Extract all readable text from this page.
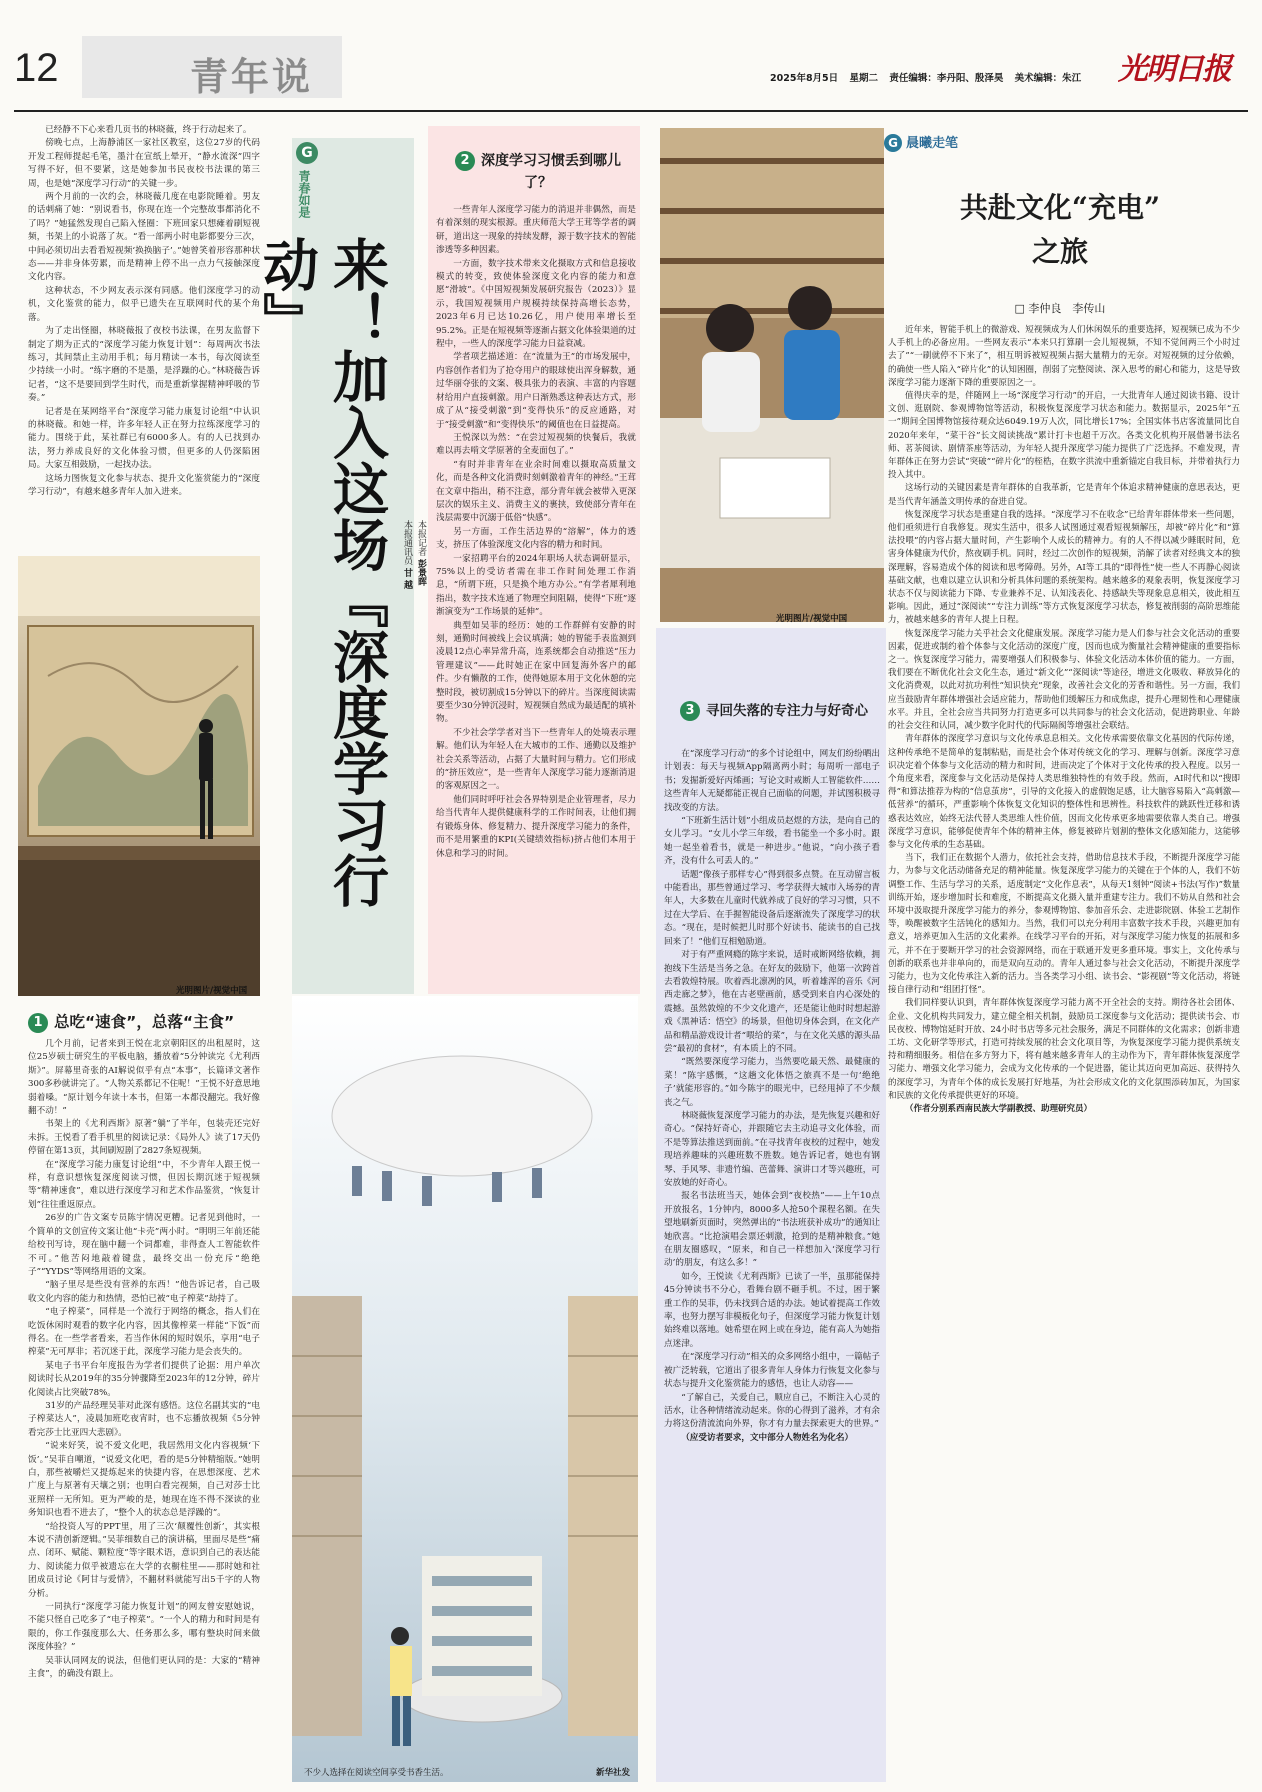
12	青年说	2025年8月5日 星期二 责任编辑：李丹阳、殷泽昊 美术编辑：朱江 光明日报

已经静不下心来看几页书的林晓薇，终于行动起来了。

傍晚七点，上海静浦区一家社区教室，这位27岁的代码开发工程师提起毛笔，墨汁在宣纸上晕开，“静水流深”四字写得不好，但不要紧，这是她参加书民夜校书法课的第三周，也是她“深度学习行动”的关键一步。

两个月前的一次约会，林晓薇几度在电影院睡着。男友的话刺痛了她：“别说看书，你现在连一个完整故事都消化不了吗？”她猛然发现自己陷入怪圈：下班回家只想瘫着刷短视频，书架上的小说落了灰。“看一部两小时电影都要分三次，中间必须切出去看看短视频‘换换脑子’。”她曾笑着形容那种状态——并非身体劳累，而是精神上停不出一点力气接触深度文化内容。

这种状态，不少网友表示深有同感。他们深度学习的动机，文化鉴赏的能力，似乎已遗失在互联网时代的某个角落。

为了走出怪圈，林晓薇报了夜校书法课，在男友监督下制定了期为正式的“深度学习能力恢复计划”：每周两次书法练习，其间禁止主动用手机；每月精读一本书，每次阅读至少持续一小时。“练字磨的不是墨，是浮躁的心。”林晓薇告诉记者，“这不是要回到学生时代，而是重新掌握精神呼吸的节奏。”

记者是在某网络平台“深度学习能力康复讨论组”中认识的林晓薇。和她一样，许多年轻人正在努力拉练深度学习的能力。围绕于此，某社群已有6000多人。有的人已找到办法，努力养成良好的文化体验习惯，但更多的人仍深陷困局。大家互相鼓励，一起找办法。

这场力图恢复文化参与状态、提升文化鉴赏能力的“深度学习行动”，有越来越多青年人加入进来。

光明图片/视觉中国
1 总吃“速食”，总落“主食”

几个月前，记者来到王悦在北京朝阳区的出租屋时，这位25岁硕士研究生的平板电脑，播放着“5分钟读完《尤利西斯》”。屏幕里奇张的AI解说似乎有点“本事”，长篇译文著作300多秒就讲完了。“人物关系都记不住呢！”王悦不好意思地弱着嗓。“原计划今年读十本书，但第一本都没翻完。我好像翻不动！”

书架上的《尤利西斯》原著“躺”了半年，包装壳还完好未拆。王悦看了看手机里的阅读记录：《局外人》读了17天仍停留在第13页，其间刷短剧了2827条短视频。

在“深度学习能力康复讨论组”中，不少青年人跟王悦一样，有意识想恢复深度阅读习惯，但因长期沉迷于短视频等“精神速食”，难以进行深度学习和艺术作品鉴赏，“恢复计划”往往重返原点。

26岁的广告文案专员陈宇情况更糟。记者见到他时，一个简单的文创宣传文案让他“卡壳”两小时。“明明三年前还能给校刊写诗，现在脑中翻一个词都难，非得查人工智能软件不可。”他苦闷地敲着键盘，最终交出一份充斥“绝绝子”“YYDS”等网络用语的文案。

“脑子里尽是些没有营养的东西！”他告诉记者，自己吸收文化内容的能力和热情，恐怕已被“电子榨菜”劫持了。

“电子榨菜”，同样是一个流行于网络的概念，指人们在吃饭休闲时观看的数字化内容，因其像榨菜一样能“下饭”而得名。在一些学者看来，若当作休闲的短时娱乐，享用“电子榨菜”无可厚非；若沉迷于此，深度学习能力是会丧失的。

某电子书平台年度报告为学者们提供了论据：用户单次阅读时长从2019年的35分钟骤降至2023年的12分钟，碎片化阅读占比突破78%。

31岁的产品经理吴菲对此深有感悟。这位名副其实的“电子榨菜达人”，凌晨加班吃夜宵时，也不忘播放视频《5分钟看完莎士比亚四大悲剧》。

“说来好笑，说不爱文化吧，我居然用文化内容视频‘下饭’。”吴菲自嘲道，“说爱文化吧，看的是5分钟精缩版。”她明白，那些被嚼烂又提炼起来的快捷内容，在思想深度、艺术广度上与原著有天壤之别；也明白看完视频，自己对莎士比亚照样一无所知。更为严峻的是，她现在连不得不深读的业务知识也看不进去了，“整个人的状态总是浮躁的”。

“给投资人写的PPT里，用了三次‘颠覆性创新’，其实根本说不清创新逻辑。”吴菲细数自己的演讲稿，里面尽是些“痛点、闭环、赋能、颗粒度”等字眼术语，意识到自己的表达能力、阅读能力似乎被遗忘在大学的衣橱柱里——那时她和社团成员讨论《阿甘与爱情》，不翻材料就能写出5千字的人物分析。

一同执行“深度学习能力恢复计划”的网友曾安慰她说，不能只怪自己吃多了“电子榨菜”。“一个人的精力和时间是有限的，你工作强度那么大、任务那么多，哪有整块时间来做深度体验？”

吴菲认同网友的说法，但他们更认同的是：大家的“精神主食”，的确没有跟上。

G
青春如是
来！加入这场『深度学习行动』
本报记者 彭景晖
本报通讯员 甘 越
不少人选择在阅读空间享受书香生活。	新华社发
2 深度学习习惯丢到哪儿了？

一些青年人深度学习能力的消退并非偶然，而是有着深刻的现实根源。重庆师范大学王茸等学者的调研，道出这一现象的持续发酵，源于数字技术的智能渗透等多种因素。

一方面，数字技术带来文化摄取方式和信息接收模式的转变，致使体验深度文化内容的能力和意愿“滑坡”。《中国短视频发展研究报告（2023）》显示，我国短视频用户规模持续保持高增长态势，2023年6月已达10.26亿，用户使用率增长至95.2%。正是在短视频等逐渐占据文化体验渠道的过程中，一些人的深度学习能力日益衰减。

学者项艺描述道：在“流量为王”的市场发展中，内容创作者们为了抢夺用户的眼球使出浑身解数，通过华丽夺张的文案、极具张力的表演、丰富的内容题材给用户直接刺激。用户日渐熟悉这种表达方式，形成了从“接受刺激”到“变得快乐”的反应通路，对于“接受刺激”和“变得快乐”的阈值也在日益提高。

王悦深以为然：“在尝过短视频的快餐后，我就难以再去啃文学原著的全麦面包了。”

“有时并非青年在业余时间难以摄取高质量文化，而是各种文化消费时刻刺激着青年的神经。”王茸在文章中指出，稍不注意，部分青年就会被带入更深层次的娱乐主义、消费主义的裹挟，致使部分青年在浅层需要中沉溺于低俗“快感”。

另一方面，工作生活边界的“溶解”，体力的透支，挤压了体验深度文化内容的精力和时间。

一家招聘平台的2024年职场人状态调研显示，75%以上的受访者需在非工作时间处理工作消息，“所谓下班，只是换个地方办公。”有学者犀利地指出，数字技术连通了物理空间阻隔，使得“下班”逐渐演变为“工作场景的延伸”。

典型如吴菲的经历：她的工作群鲜有安静的时刻，通勤时间被线上会议填满；她的智能手表监测到凌晨12点心率异常升高，连系统都会自动推送“压力管理建议”——此时她正在家中回复海外客户的邮件。少有懒散的工作，使得她原本用于文化休憩的完整时段，被切割成15分钟以下的碎片。当深度阅读需要至少30分钟沉浸时，短视频自然成为最适配的填补物。

不少社会学学者对当下一些青年人的处境表示理解。他们认为年轻人在大城市的工作、通勤以及维护社会关系等活动，占据了大量时间与精力。它们形成的“挤压效应”，是一些青年人深度学习能力逐渐消退的客观原因之一。

他们同时呼吁社会各界特别是企业管理者，尽力给当代青年人提供健康科学的工作时间表，让他们拥有锻炼身体、修复精力、提升深度学习能力的条件，而不是用繁重的KPI(关键绩效指标)挤占他们本用于休息和学习的时间。

光明图片/视觉中国
3 寻回失落的专注力与好奇心

在“深度学习行动”的多个讨论组中，网友们纷纷晒出计划表：每天与视频App隔离两小时；每周听一部电子书；发掘新爱好丙烯画；写论文时戒断人工智能软件……这些青年人无疑都能正视自己面临的问题，并试图积极寻找改变的方法。

“下班新生活计划”小组成员赵煜的方法，是向自己的女儿学习。“女儿小学三年级，看书能坐一个多小时。跟她一起坐着看书，就是一种进步。”他说，“向小孩子看齐，没有什么可丢人的。”

话题“像孩子那样专心”得到很多点赞。在互动留言板中能看出，那些曾通过学习、考学获得大城市入场券的青年人，大多数在儿童时代就养成了良好的学习习惯，只不过在大学后、在手握智能设备后逐渐流失了深度学习的状态。“现在，是时候把儿时那个好读书、能读书的自己找回来了！”他们互相勉励道。

对于有严重网瘾的陈宇来说，适时戒断网络依赖，拥抱线下生活是当务之急。在好友的鼓励下，他第一次跨首去看敦煌特展。吹着西北凛冽的风，听着雄浑的音乐《河西走廊之梦》，他在古老壁画前，感受到来自内心深处的震撼。虽然敦煌的不少文化遗产，还是能让他时时想起游戏《黑神话：悟空》的场景，但他切身体会到，在文化产品和精品游戏设计者“喂给的菜”，与在文化关感的源头品尝“最初的食材”，有本质上的不同。

“既然要深度学习能力，当然要吃最天然、最健康的菜！”陈宇感慨，“这趟文化体悟之旅真不是一句‘绝绝子’就能形容的。”如今陈宇的眼光中，已经甩掉了不少颓丧之气。

林晓薇恢复深度学习能力的办法，是先恢复兴趣和好奇心。“保持好奇心，并跟随它去主动追寻文化体验，而不是等算法推送到面前。”在寻找青年夜校的过程中，她发现培养趣味的兴趣班数不胜数。她告诉记者，她也有钢琴、手风琴、非遗竹编、芭蕾舞、演讲口才等兴趣班，可安放她的好奇心。

报名书法班当天，她体会到“夜校热”——上午10点开放报名，1分钟内，8000多人抢50个课程名额。在失望地刷新页面时，突然弹出的“书法班获补成功”的通知让她欣喜。“比抢演唱会票还刺激，抢到的是精神粮食。”她在朋友圈感叹，“原来，和自己一样想加入‘深度学习行动’的朋友，有这么多！”

如今，王悦读《尤利西斯》已读了一半，虽那能保持45分钟读书不分心，看舞台剧不砸手机。不过，困于繁重工作的吴菲，仍未找到合适的办法。她试着提高工作效率，也努力摆写非模板化句子，但深度学习能力恢复计划始终难以落地。她希望在网上或在身边，能有高人为她指点迷津。

在“深度学习行动”相关的众多网络小组中，一篇帖子被广泛转载，它道出了很多青年人身体力行恢复文化参与状态与提升文化鉴赏能力的感悟，也让人动容——

“了解自己，关爱自己，顺应自己，不断注入心灵的活水，让各种情绪流动起来。你的心得到了滋养，才有余力将这份清流流向外界，你才有力量去探索更大的世界。”

（应受访者要求，文中部分人物姓名为化名）

G 晨曦走笔
共赴文化“充电”
之旅
□ 李仲良　李传山

近年来，智能手机上的微游戏、短视频成为人们休闲娱乐的重要选择，短视频已成为不少人手机上的必备应用。一些网友表示“本来只打算刷一会儿短视频，不知不觉间两三个小时过去了”“一刷就停不下来了”，相互明诉被短视频占据大量精力的无奈。对短视频的过分依赖，的确使一些人陷入“碎片化”的认知困圈，削弱了完整阅读、深入思考的耐心和能力，这是导致深度学习能力逐渐下降的重要原因之一。

值得庆幸的是，伴随网上一场“深度学习行动”的开启，一大批青年人通过阅读书籍、设计文创、逛剧院、参观博物馆等活动，积极恢复深度学习状态和能力。数据显示，2025年“五一”期间全国博物馆接待观众达6049.19万人次，同比增长17%；全国实体书店客流量同比自2020年来年，“菜干谷”长文阅读挑战“累计打卡也超千万次。各类文化机构开展借暑书法名师、茗茶阅读、剧情茶座等活动，为年轻人提升深度学习能力提供了广泛选择。不难发现，青年群体正在努力尝试“突破”“碎片化”的桎梏，在数字洪流中重新锚定自我目标，并带着执行力投入其中。

这场行动的关键因素是青年群体的自我革新，它是青年个体追求精神健康的意思表达，更是当代青年涵盖文明传承的奋进自觉。

恢复深度学习状态是重建自我的选择。“深度学习不在收念”已给青年群体带来一些问题，他们亟须进行自我修复。现实生活中，很多人试图通过观看短视频解压，却被“碎片化”和“算法投喂”的内容占据大量时间，产生影响个人成长的精神力。有的人不得以减少睡眠时间，危害身体健康为代价，熬夜刷手机。同时，经过二次创作的短视频，消解了读者对经典文本的独深理解，容易造成个体的阅读和思考障碍。另外，AI等工具的“即得性”使一些人不再静心阅读基础文献，也难以建立认识和分析具体问题的系统架构。越来越多的观象表明，恢复深度学习状态不仅与阅读能力下降、专业兼养不足、认知浅表化、持感缺失等现象息息相关，彼此相互影响。因此，通过“深阅读”“专注力训练”等方式恢复深度学习状态，修复被削弱的高阶思维能力，被越来越多的青年人提上日程。

恢复深度学习能力关乎社会文化健康发展。深度学习能力是人们参与社会文化活动的重要因素，促进或制约着个体参与文化活动的深度广度，因而也成为衡量社会精神健康的重要指标之一。恢复深度学习能力，需要增强人们积极参与、体验文化活动本体价值的能力。一方面，我们要在不断优化社会文化生态，通过“新文化”“深阅读”等途径，增进文化吸收、释放异化的文化消费观，以此对抗功利性“知识快充”现象，改善社会文化的芳香和谐性。另一方面，我们应当鼓励青年群体增强社会适应能力，帮助他们缓解压力和成焦虑，提升心理韧性和心理健康水平。并且，全社会应当共同努力打造更多可以共同参与的社会文化活动，促进跨职业、年龄的社会交往和认同，减少数字化时代的代际隔阂等增强社会联结。

青年群体的深度学习意识与文化传承息息相关。文化传承需要依靠文化基因的代际传递，这种传承绝不是简单的复制粘贴，而是社会个体对传统文化的学习、理解与创新。深度学习意识决定着个体参与文化活动的精力和时间，进而决定了个体对于文化传承的投入程度。以另一个角度来看，深度参与文化活动是保持人类思维独特性的有效手段。然而，AI时代和以“搜即得”和算法推荐为构的“信息茧房”，引导的文化接入的虚假饱足感，让大脑容易陷入“高刺激—低营养”的循环，严重影响个体恢复文化知识的整体性和思辨性。科技软件的跳跃性迁移和诱惑表达效应，始终无法代替人类思维人性价值，因而文化传承更多地需要依靠人类自己。增强深度学习意识，能够促使青年个体的精神主体，修复被碎片划割的整体文化感知能力，这能够参与文化传承的生态基础。

当下，我们正在数据个人潜力，依托社会支持，借助信息技术手段，不断提升深度学习能力，为参与文化活动储备充足的精神能量。恢复深度学习能力的关键在于个体的人，我们不妨调整工作、生活与学习的关系，适度制定“文化作息表”，从每天1刻钟“阅读+书法(写作)”数量训练开始，逐步增加时长和难度，不断提高文化摄入量并重建专注力。我们不妨从自然和社会环境中汲取提升深度学习能力的养分，参观博物馆、参加音乐会、走进影院剧、体验工艺制作等，唤醒被数字生活钝化的感知力。当然，我们可以充分利用丰富数字技术手段，兴趣更加有意义，培养更加入生活的文化素养。在线学习平台的开拓，对与深度学习能力恢复的拓展和多元，并不在于要断开学习的社会资源网络，而在于联通开发更多重环境。事实上，文化传承与创新的联系也并非单向的，而是双向互动的。青年人通过参与社会文化活动，不断提升深度学习能力，也为文化传承注入新的活力。当各类学习小组、读书会、“影视剧”等文化活动，将链接自律行动和“组团打怪”。

我们同样要认识到，青年群体恢复深度学习能力离不开全社会的支持。期待各社会团体、企业、文化机构共同发力，建立健全相关机制，鼓励员工深度参与文化活动；提供读书会、市民夜校、博物馆延时开放、24小时书店等多元社会服务，满足不同群体的文化需求；创新非遗工坊、文化研学等形式，打造可持续发展的社会文化项目等，为恢复深度学习能力提供系统支持和精细服务。相信在多方努力下，将有越来越多青年人的主动作为下，青年群体恢复深度学习能力、增强文化学习能力，会成为文化传承的一个促进器，能让其迈向更加高远、获得持久的深度学习，为青年个体的成长发展打好地基，为社会形成文化的文化氛围添砖加瓦，为国家和民族的文化传承提供更好的环境。

（作者分别系西南民族大学副教授、助理研究员）
